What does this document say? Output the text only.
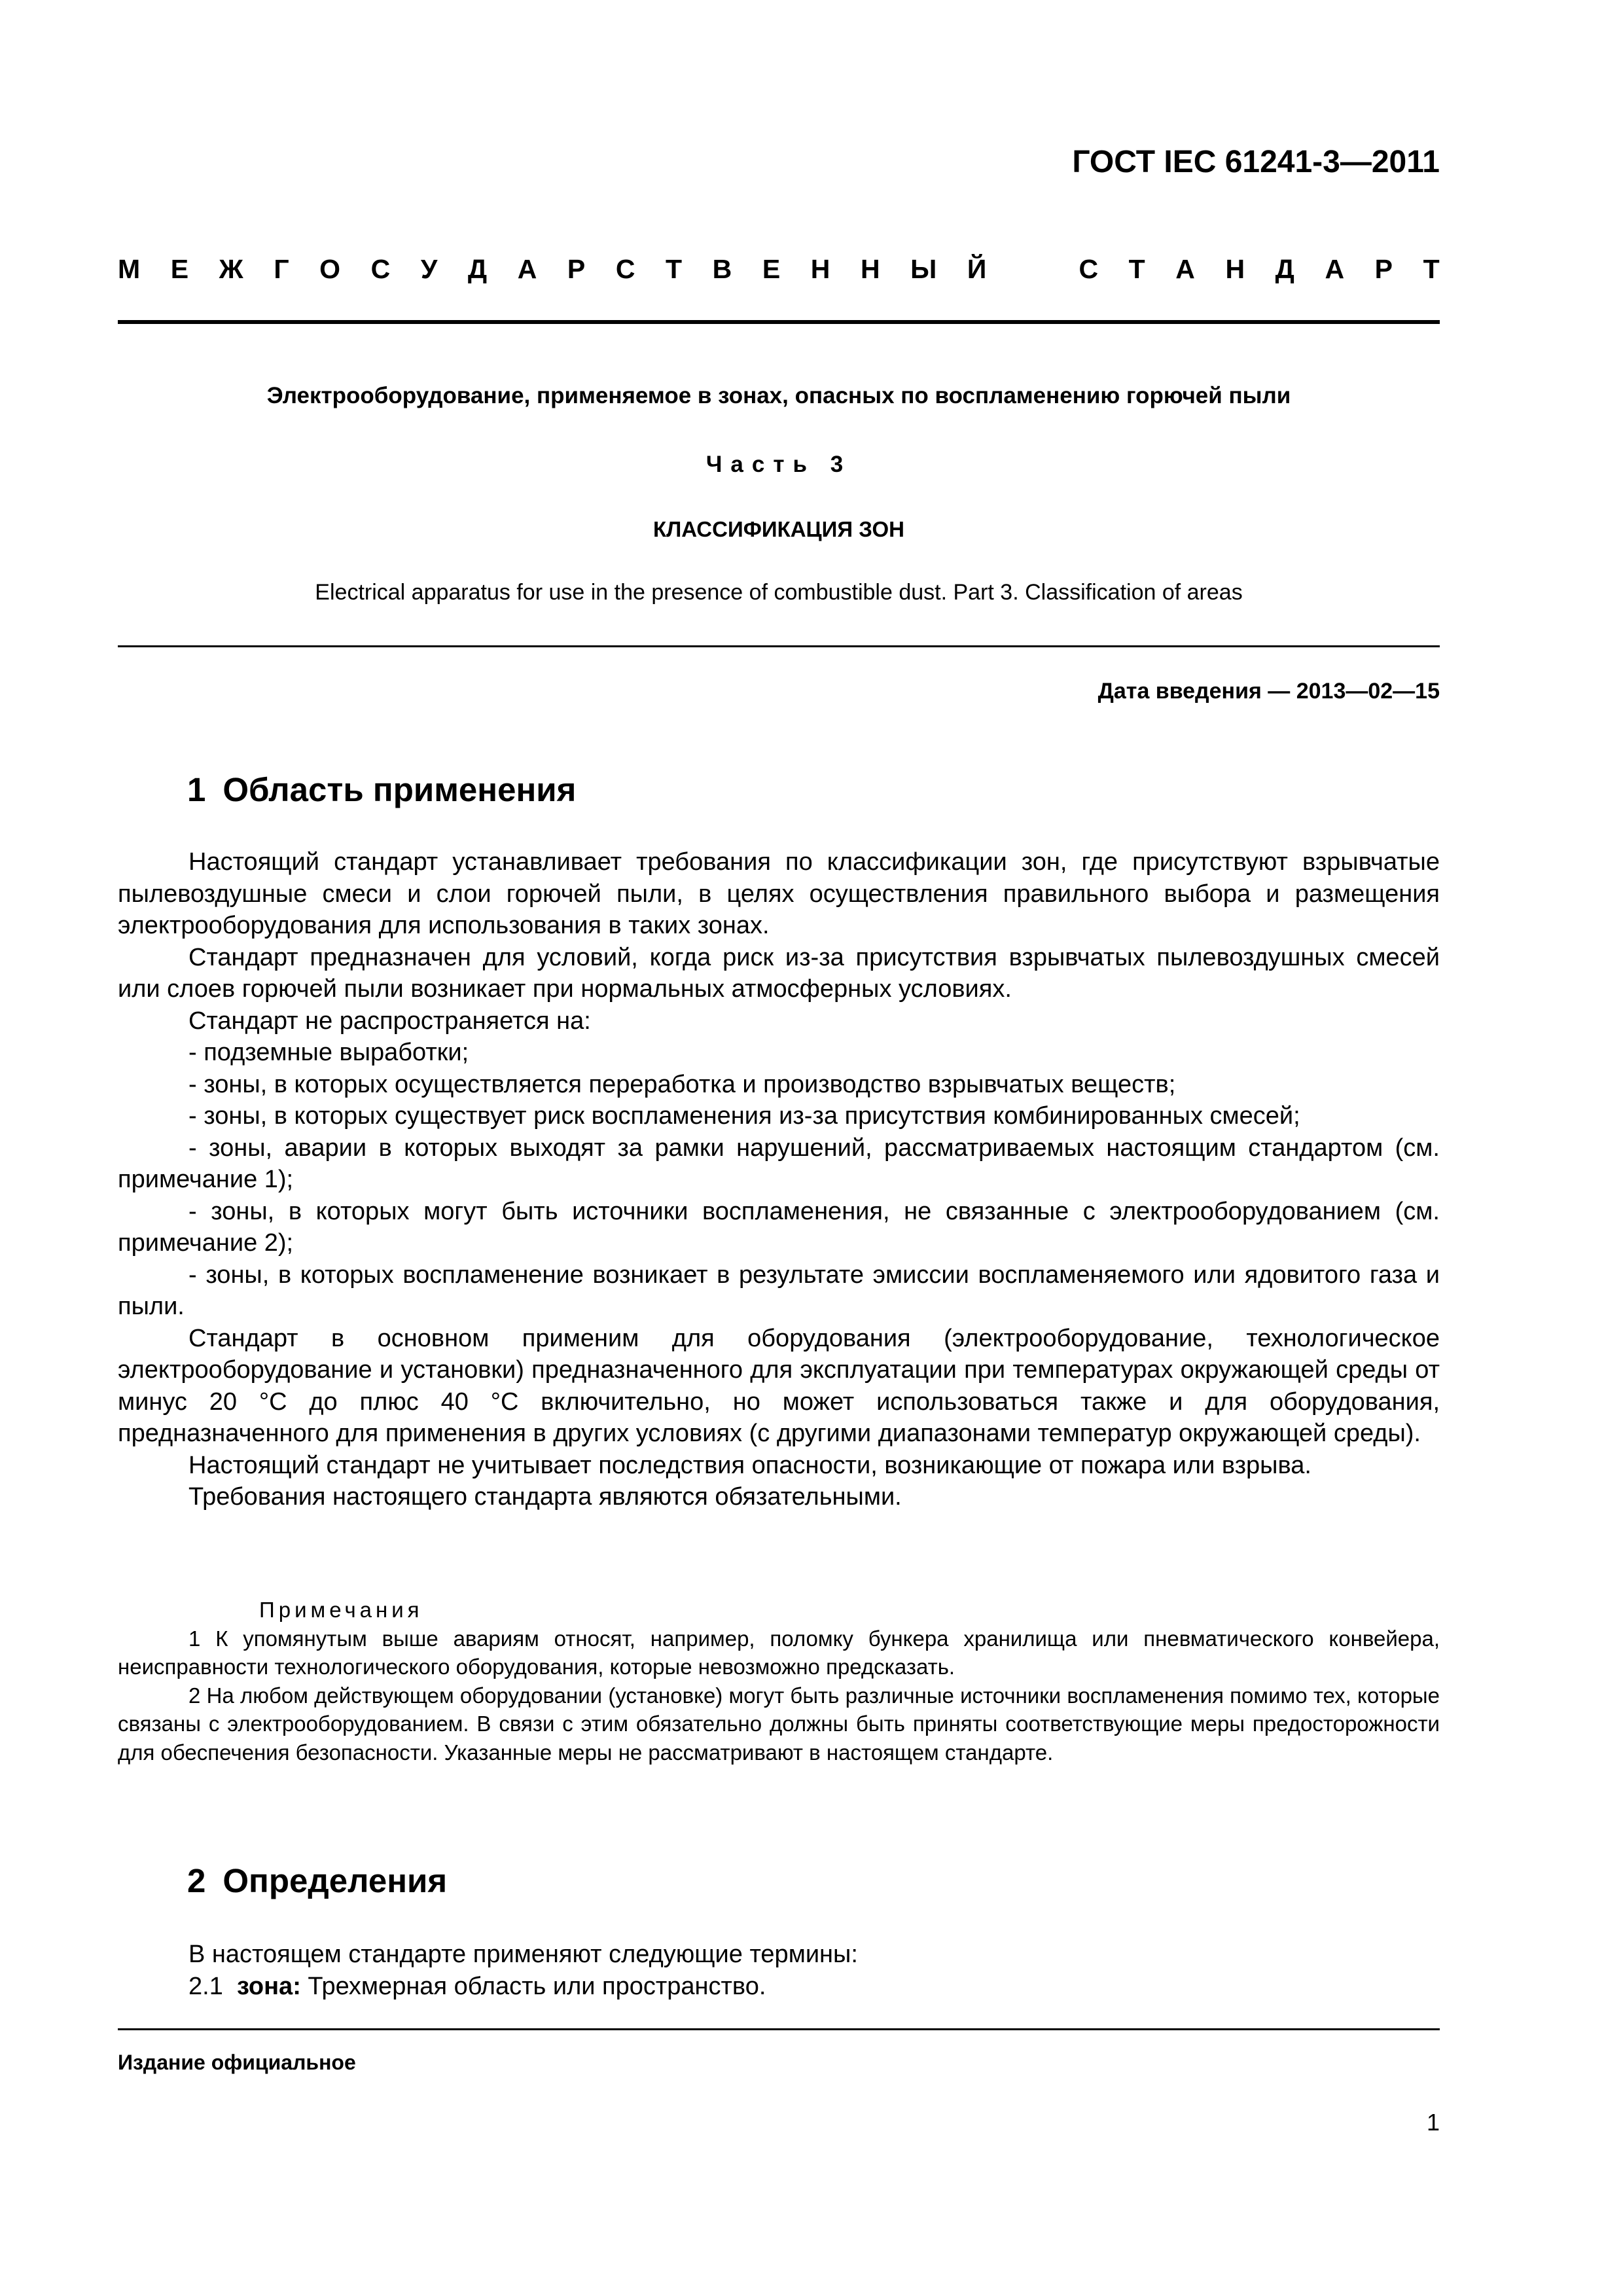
ГОСТ IEC 61241-3—2011
М Е Ж Г О С У Д А Р С Т В Е Н Н Ы Й	С Т А Н Д А Р Т
Электрооборудование, применяемое в зонах, опасных по воспламенению горючей пыли
Часть 3
КЛАССИФИКАЦИЯ ЗОН
Electrical apparatus for use in the presence of combustible dust. Part 3. Classification of areas
Дата введения — 2013—02—15
1 Область применения

Настоящий стандарт устанавливает требования по классификации зон, где присутствуют взрывчатые пылевоздушные смеси и слои горючей пыли, в целях осуществления правильного выбора и размещения электрооборудования для использования в таких зонах.

Стандарт предназначен для условий, когда риск из-за присутствия взрывчатых пылевоздушных смесей или слоев горючей пыли возникает при нормальных атмосферных условиях.

Стандарт не распространяется на:

- подземные выработки;

- зоны, в которых осуществляется переработка и производство взрывчатых веществ;

- зоны, в которых существует риск воспламенения из-за присутствия комбинированных смесей;

- зоны, аварии в которых выходят за рамки нарушений, рассматриваемых настоящим стандартом (см. примечание 1);

- зоны, в которых могут быть источники воспламенения, не связанные с электрооборудованием (см. примечание 2);

- зоны, в которых воспламенение возникает в результате эмиссии воспламеняемого или ядовитого газа и пыли.

Стандарт в основном применим для оборудования (электрооборудование, технологическое электрооборудование и установки) предназначенного для эксплуатации при температурах окружающей среды от минус 20 °С до плюс 40 °С включительно, но может использоваться также и для оборудования, предназначенного для применения в других условиях (с другими диапазонами температур окружающей среды).

Настоящий стандарт не учитывает последствия опасности, возникающие от пожара или взрыва.

Требования настоящего стандарта являются обязательными.

Примечания

1 К упомянутым выше авариям относят, например, поломку бункера хранилища или пневматического конвейера, неисправности технологического оборудования, которые невозможно предсказать.

2 На любом действующем оборудовании (установке) могут быть различные источники воспламенения помимо тех, которые связаны с электрооборудованием. В связи с этим обязательно должны быть приняты соответствующие меры предосторожности для обеспечения безопасности. Указанные меры не рассматривают в настоящем стандарте.

2 Определения

В настоящем стандарте применяют следующие термины:

2.1 зона: Трехмерная область или пространство.

Издание официальное
1
